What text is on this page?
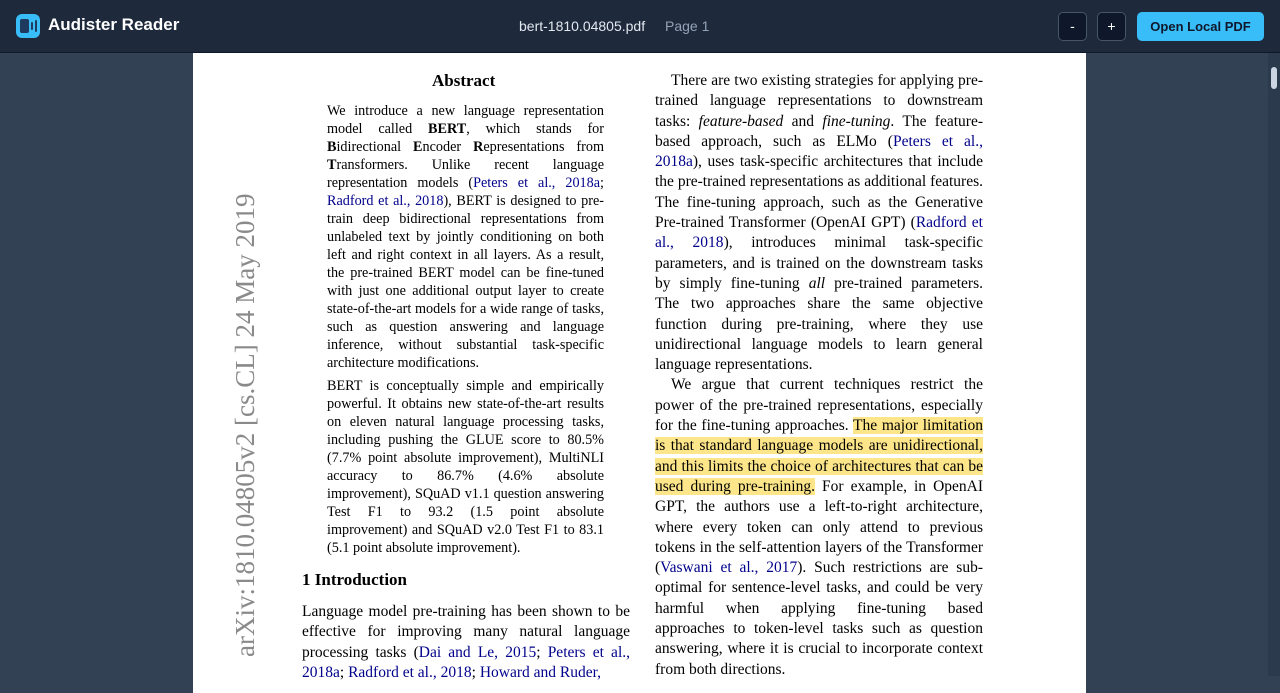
Audister Reader	bert-1810.04805.pdf Page 1	-	+	Open Local PDF
arXiv:1810.04805v2 [cs.CL] 24 May 2019
Abstract

We introduce a new language representation model called BERT, which stands for Bidirectional Encoder Representations from Transformers. Unlike recent language representation models (Peters et al., 2018a; Radford et al., 2018), BERT is designed to pre-train deep bidirectional representations from unlabeled text by jointly conditioning on both left and right context in all layers. As a result, the pre-trained BERT model can be fine-tuned with just one additional output layer to create state-of-the-art models for a wide range of tasks, such as question answering and language inference, without substantial task-specific architecture modifications.

BERT is conceptually simple and empirically powerful. It obtains new state-of-the-art results on eleven natural language processing tasks, including pushing the GLUE score to 80.5% (7.7% point absolute improvement), MultiNLI accuracy to 86.7% (4.6% absolute improvement), SQuAD v1.1 question answering Test F1 to 93.2 (1.5 point absolute improvement) and SQuAD v2.0 Test F1 to 83.1 (5.1 point absolute improvement).

1 Introduction

Language model pre-training has been shown to be effective for improving many natural language processing tasks (Dai and Le, 2015; Peters et al., 2018a; Radford et al., 2018; Howard and Ruder,

There are two existing strategies for applying pre-trained language representations to downstream tasks: feature-based and fine-tuning. The feature-based approach, such as ELMo (Peters et al., 2018a), uses task-specific architectures that include the pre-trained representations as additional features. The fine-tuning approach, such as the Generative Pre-trained Transformer (OpenAI GPT) (Radford et al., 2018), introduces minimal task-specific parameters, and is trained on the downstream tasks by simply fine-tuning all pre-trained parameters. The two approaches share the same objective function during pre-training, where they use unidirectional language models to learn general language representations.

We argue that current techniques restrict the power of the pre-trained representations, especially for the fine-tuning approaches. The major limitation is that standard language models are unidirectional, and this limits the choice of architectures that can be used during pre-training. For example, in OpenAI GPT, the authors use a left-to-right architecture, where every token can only attend to previous tokens in the self-attention layers of the Transformer (Vaswani et al., 2017). Such restrictions are sub-optimal for sentence-level tasks, and could be very harmful when applying fine-tuning based approaches to token-level tasks such as question answering, where it is crucial to incorporate context from both directions.
